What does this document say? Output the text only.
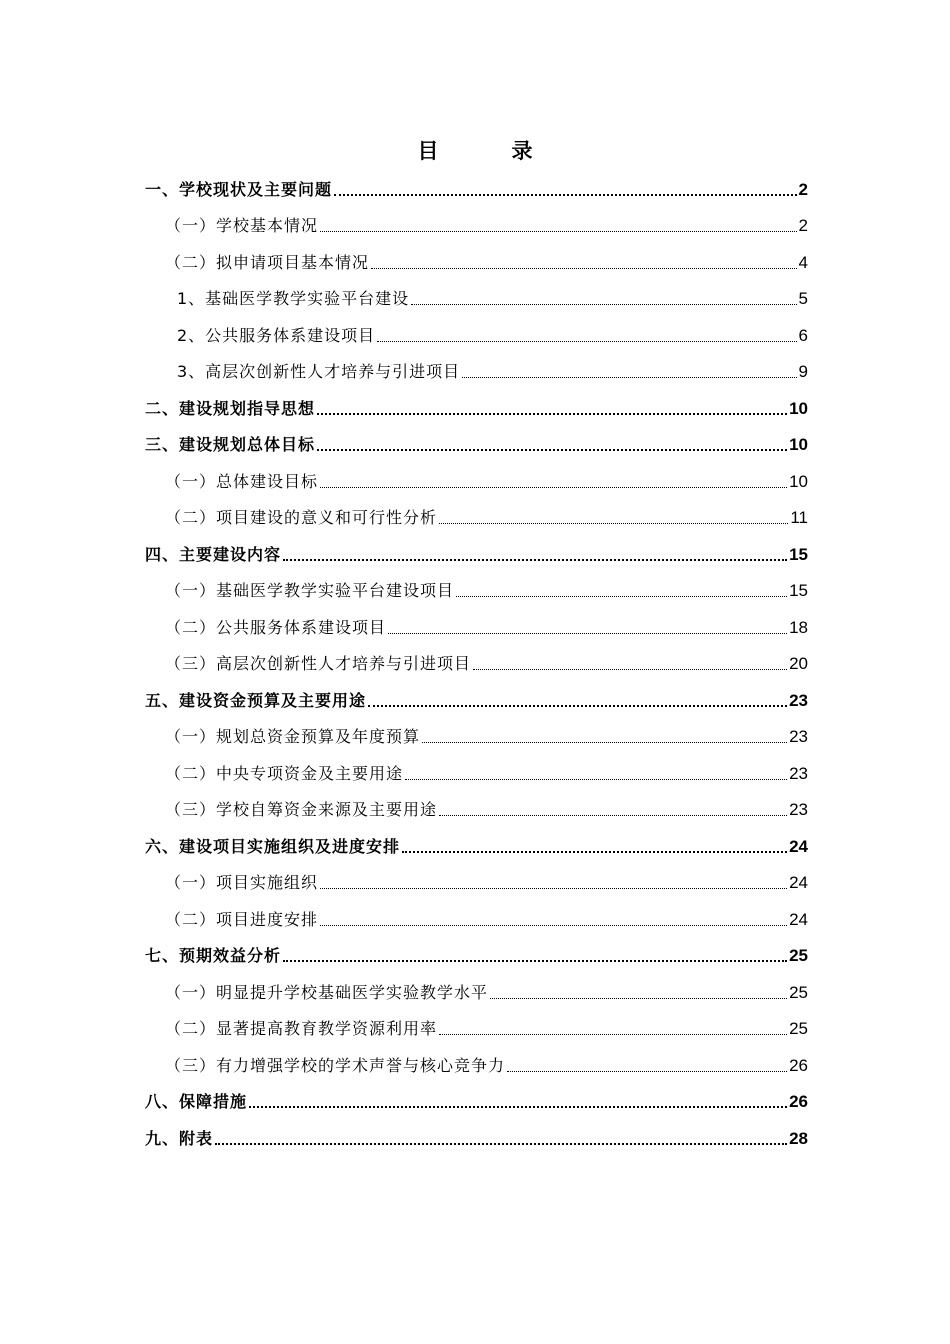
目　录
一、学校现状及主要问题	2
（一）学校基本情况	2
（二）拟申请项目基本情况	4
1、基础医学教学实验平台建设	5
2、公共服务体系建设项目	6
3、高层次创新性人才培养与引进项目	9
二、建设规划指导思想	10
三、建设规划总体目标	10
（一）总体建设目标	10
（二）项目建设的意义和可行性分析	11
四、主要建设内容	15
（一）基础医学教学实验平台建设项目	15
（二）公共服务体系建设项目	18
（三）高层次创新性人才培养与引进项目	20
五、建设资金预算及主要用途	23
（一）规划总资金预算及年度预算	23
（二）中央专项资金及主要用途	23
（三）学校自筹资金来源及主要用途	23
六、建设项目实施组织及进度安排	24
（一）项目实施组织	24
（二）项目进度安排	24
七、预期效益分析	25
（一）明显提升学校基础医学实验教学水平	25
（二）显著提高教育教学资源利用率	25
（三）有力增强学校的学术声誉与核心竞争力	26
八、保障措施	26
九、附表	28
